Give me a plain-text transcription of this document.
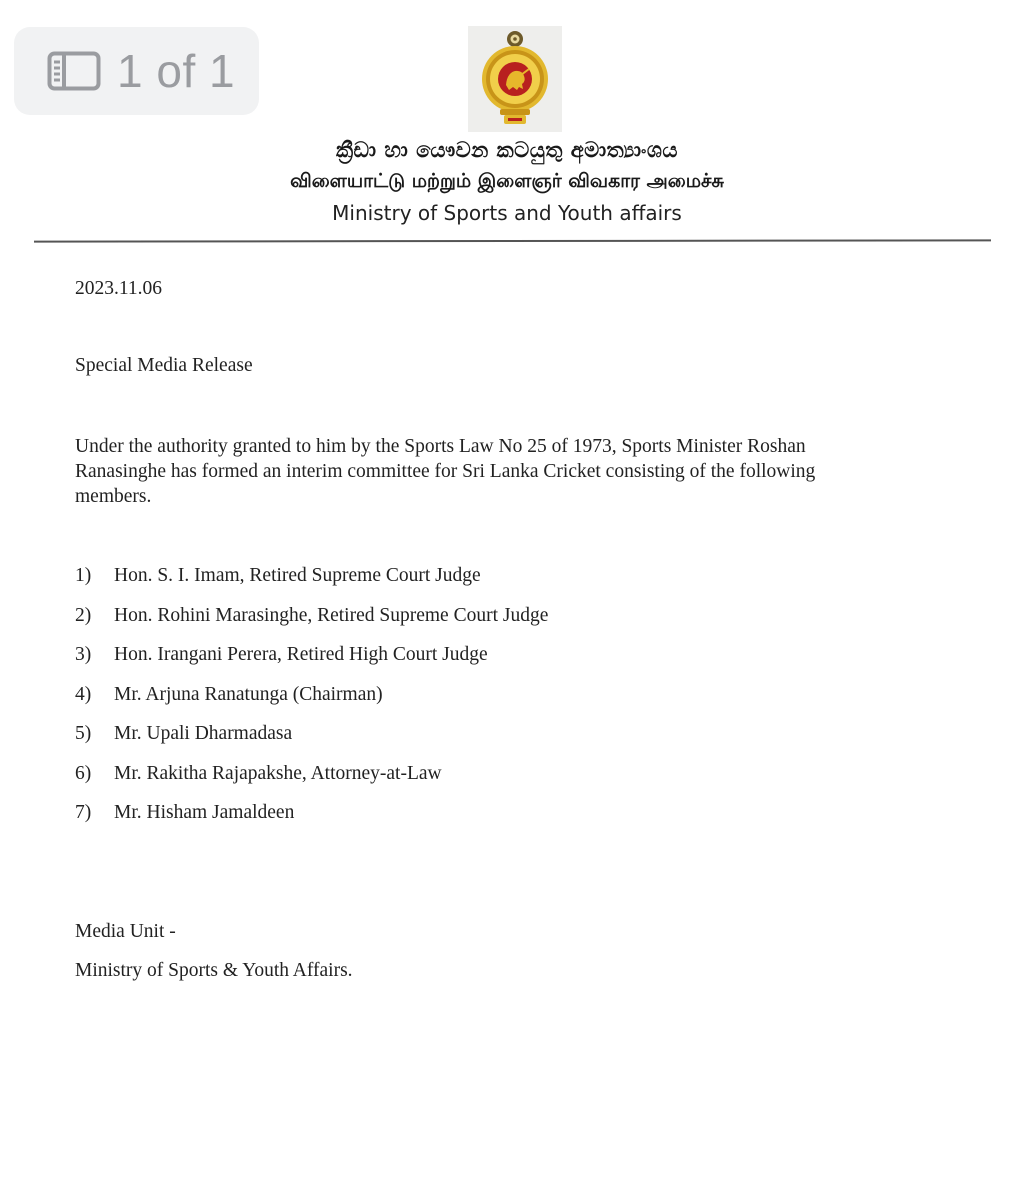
1 of 1
ක්‍රීඩා හා යෞවන කටයුතු අමාත්‍යාංශය
விளையாட்டு மற்றும் இளைஞர் விவகார அமைச்சு
Ministry of Sports and Youth affairs
2023.11.06
Special Media Release
Under the authority granted to him by the Sports Law No 25 of 1973, Sports Minister Roshan Ranasinghe has formed an interim committee for Sri Lanka Cricket consisting of the following members.
1)	Hon. S. I. Imam, Retired Supreme Court Judge
2)	Hon. Rohini Marasinghe, Retired Supreme Court Judge
3)	Hon. Irangani Perera, Retired High Court Judge
4)	Mr. Arjuna Ranatunga (Chairman)
5)	Mr. Upali Dharmadasa
6)	Mr. Rakitha Rajapakshe, Attorney-at-Law
7)	Mr. Hisham Jamaldeen
Media Unit -
Ministry of Sports & Youth Affairs.
